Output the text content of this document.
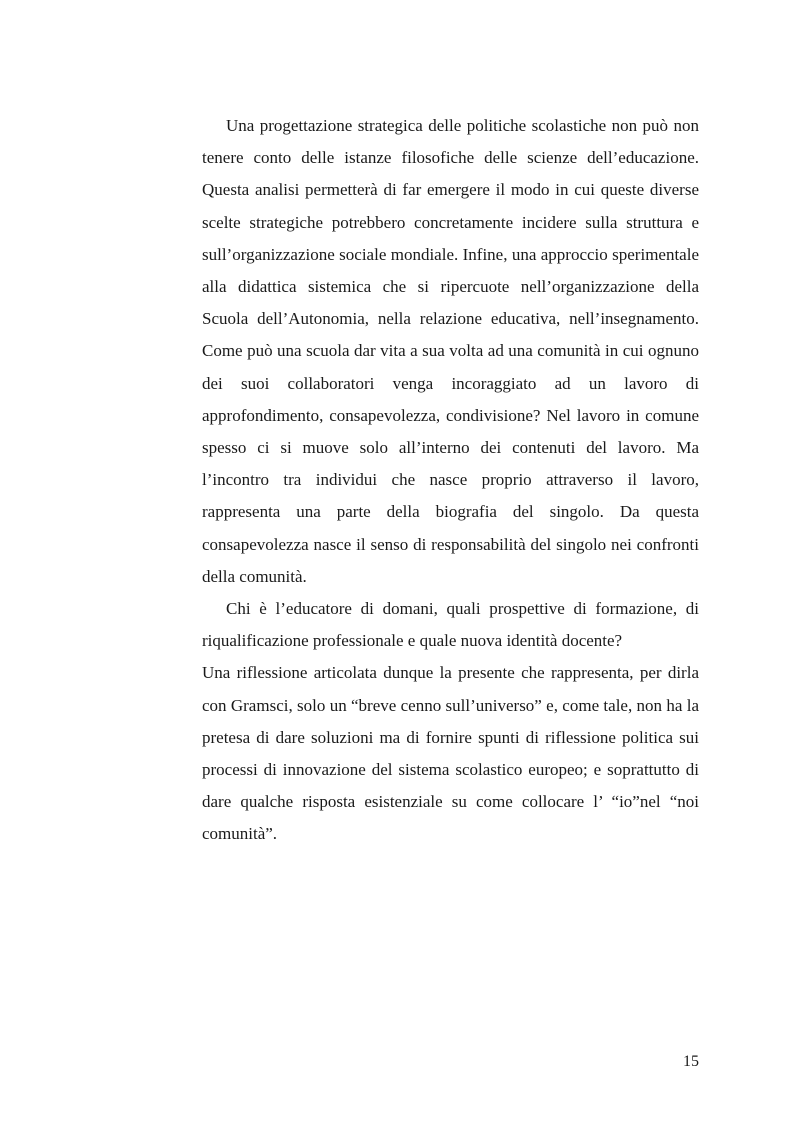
Una progettazione strategica delle politiche scolastiche non può non tenere conto delle istanze filosofiche delle scienze dell’educazione. Questa analisi permetterà di far emergere il modo in cui queste diverse scelte strategiche potrebbero concretamente incidere sulla struttura e sull’organizzazione sociale mondiale. Infine, una approccio sperimentale alla didattica sistemica che si ripercuote nell’organizzazione della Scuola dell’Autonomia, nella relazione educativa, nell’insegnamento. Come può una scuola dar vita a sua volta ad una comunità in cui ognuno dei suoi collaboratori venga incoraggiato ad un lavoro di approfondimento, consapevolezza, condivisione? Nel lavoro in comune spesso ci si muove solo all’interno dei contenuti del lavoro. Ma l’incontro tra individui che nasce proprio attraverso il lavoro, rappresenta una parte della biografia del singolo. Da questa consapevolezza nasce il senso di responsabilità del singolo nei confronti della comunità.

Chi è l’educatore di domani, quali prospettive di formazione, di riqualificazione professionale e quale nuova identità docente?

Una riflessione articolata dunque la presente che rappresenta, per dirla con Gramsci, solo un “breve cenno sull’universo” e, come tale, non ha la pretesa di dare soluzioni ma di fornire spunti di riflessione politica sui processi di innovazione del sistema scolastico europeo; e soprattutto di dare qualche risposta esistenziale su come collocare l’ “io”nel “noi comunità”.

15
